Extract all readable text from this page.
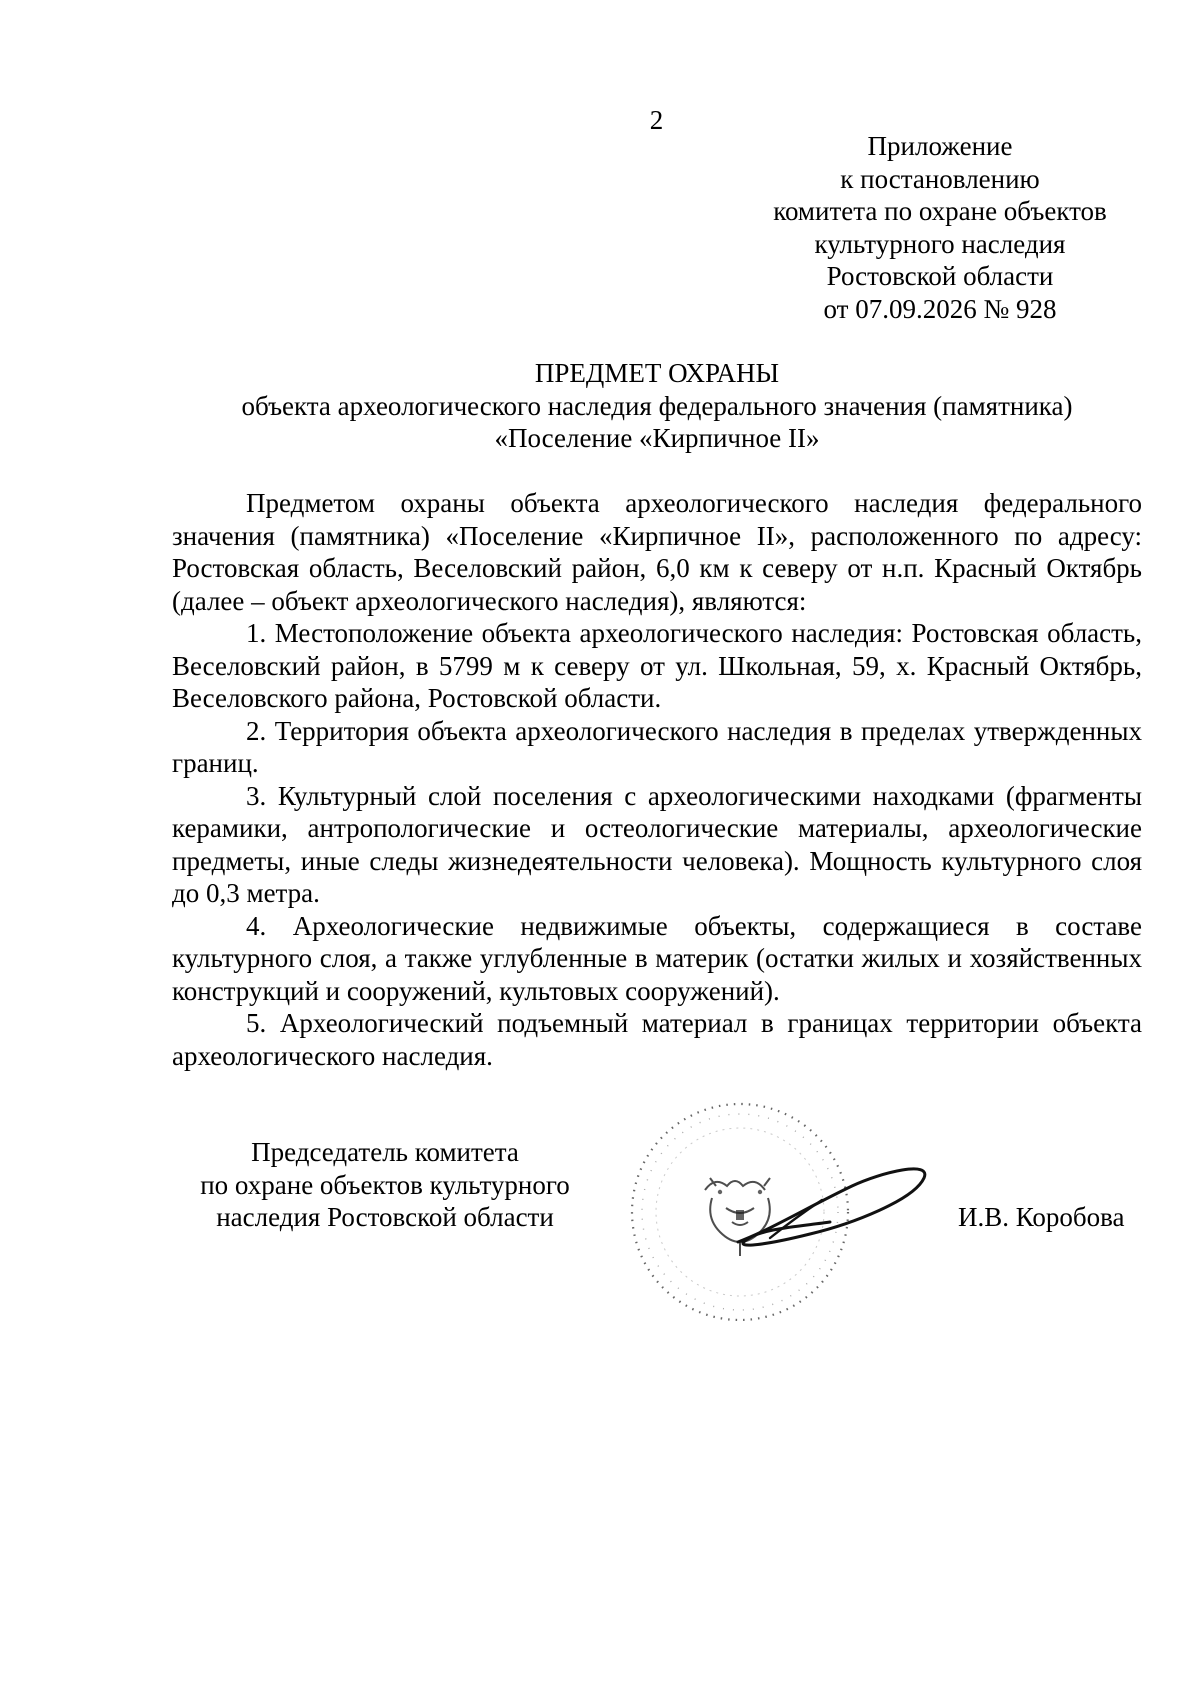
2
Приложение
к постановлению
комитета по охране объектов
культурного наследия
Ростовской области
от 07.09.2026 № 928
ПРЕДМЕТ ОХРАНЫ
объекта археологического наследия федерального значения (памятника)
«Поселение «Кирпичное II»

Предметом охраны объекта археологического наследия федерального значения (памятника) «Поселение «Кирпичное II», расположенного по адресу: Ростовская область, Веселовский район, 6,0 км к северу от н.п. Красный Октябрь (далее – объект археологического наследия), являются:

1. Местоположение объекта археологического наследия: Ростовская область, Веселовский район, в 5799 м к северу от ул. Школьная, 59, х. Красный Октябрь, Веселовского района, Ростовской области.

2. Территория объекта археологического наследия в пределах утвержденных границ.

3. Культурный слой поселения с археологическими находками (фрагменты керамики, антропологические и остеологические материалы, археологические предметы, иные следы жизнедеятельности человека). Мощность культурного слоя до 0,3 метра.

4. Археологические недвижимые объекты, содержащиеся в составе культурного слоя, а также углубленные в материк (остатки жилых и хозяйственных конструкций и сооружений, культовых сооружений).

5. Археологический подъемный материал в границах территории объекта археологического наследия.

Председатель комитета
по охране объектов культурного
наследия Ростовской области	И.В. Коробова
